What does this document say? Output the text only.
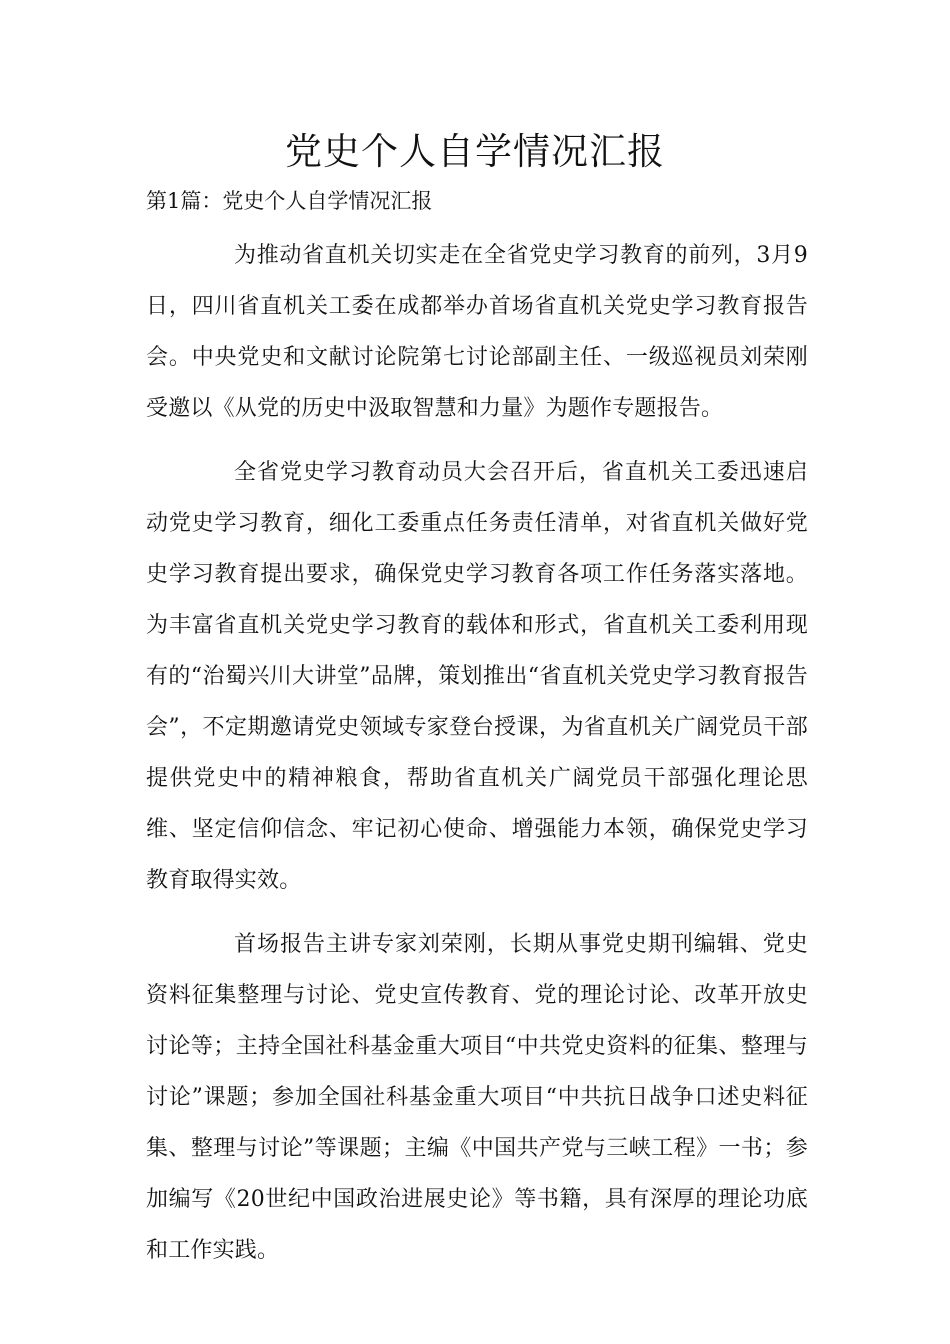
党史个人自学情况汇报

第1篇：党史个人自学情况汇报

为推动省直机关切实走在全省党史学习教育的前列，3月9日，四川省直机关工委在成都举办首场省直机关党史学习教育报告会。中央党史和文献讨论院第七讨论部副主任、一级巡视员刘荣刚受邀以《从党的历史中汲取智慧和力量》为题作专题报告。

全省党史学习教育动员大会召开后，省直机关工委迅速启动党史学习教育，细化工委重点任务责任清单，对省直机关做好党史学习教育提出要求，确保党史学习教育各项工作任务落实落地。为丰富省直机关党史学习教育的载体和形式，省直机关工委利用现有的“治蜀兴川大讲堂”品牌，策划推出“省直机关党史学习教育报告会”，不定期邀请党史领域专家登台授课，为省直机关广阔党员干部提供党史中的精神粮食，帮助省直机关广阔党员干部强化理论思维、坚定信仰信念、牢记初心使命、增强能力本领，确保党史学习教育取得实效。

首场报告主讲专家刘荣刚，长期从事党史期刊编辑、党史资料征集整理与讨论、党史宣传教育、党的理论讨论、改革开放史讨论等；主持全国社科基金重大项目“中共党史资料的征集、整理与讨论”课题；参加全国社科基金重大项目“中共抗日战争口述史料征集、整理与讨论”等课题；主编《中国共产党与三峡工程》一书；参加编写《20世纪中国政治进展史论》等书籍，具有深厚的理论功底和工作实践。
